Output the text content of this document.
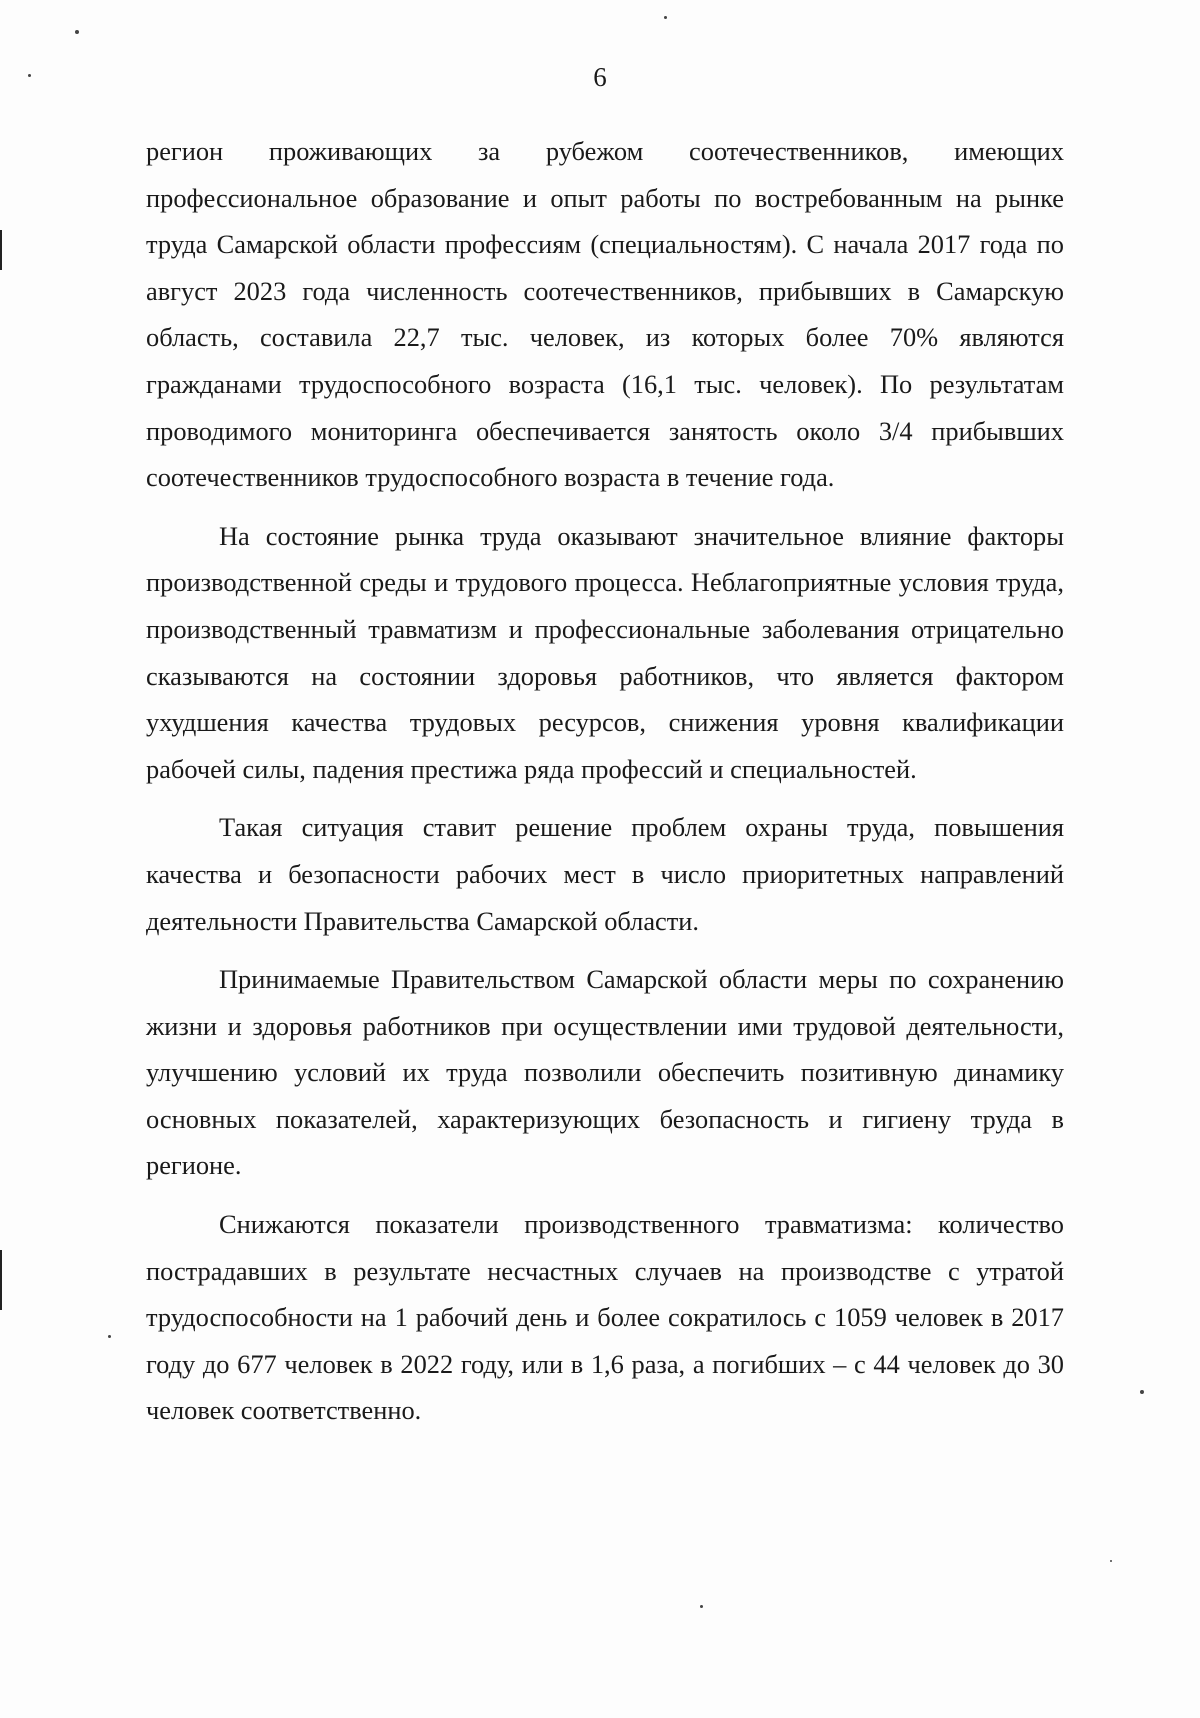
6

регион проживающих за рубежом соотечественников, имеющих профессиональное образование и опыт работы по востребованным на рынке труда Самарской области профессиям (специальностям). С начала 2017 года по август 2023 года численность соотечественников, прибывших в Самарскую область, составила 22,7 тыс. человек, из которых более 70% являются гражданами трудоспособного возраста (16,1 тыс. человек). По результатам проводимого мониторинга обеспечивается занятость около 3/4 прибывших соотечественников трудоспособного возраста в течение года.

На состояние рынка труда оказывают значительное влияние факторы производственной среды и трудового процесса. Неблагоприятные условия труда, производственный травматизм и профессиональные заболевания отрицательно сказываются на состоянии здоровья работников, что является фактором ухудшения качества трудовых ресурсов, снижения уровня квалификации рабочей силы, падения престижа ряда профессий и специальностей.

Такая ситуация ставит решение проблем охраны труда, повышения качества и безопасности рабочих мест в число приоритетных направлений деятельности Правительства Самарской области.

Принимаемые Правительством Самарской области меры по сохранению жизни и здоровья работников при осуществлении ими трудовой деятельности, улучшению условий их труда позволили обеспечить позитивную динамику основных показателей, характеризующих безопасность и гигиену труда в регионе.

Снижаются показатели производственного травматизма: количество пострадавших в результате несчастных случаев на производстве с утратой трудоспособности на 1 рабочий день и более сократилось с 1059 человек в 2017 году до 677 человек в 2022 году, или в 1,6 раза, а погибших – с 44 человек до 30 человек соответственно.
